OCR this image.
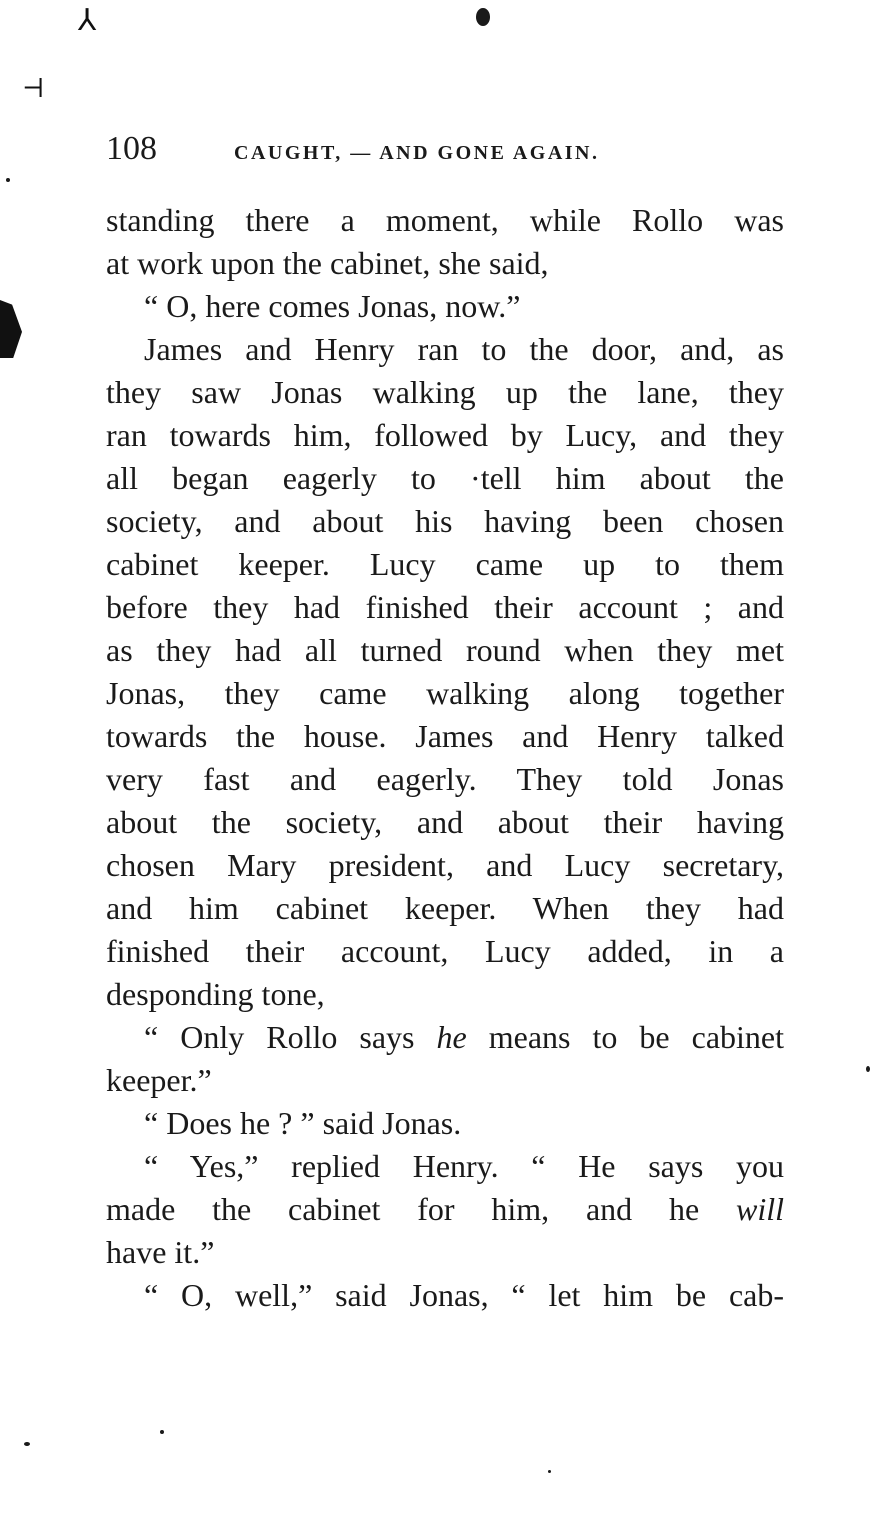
⅄
⊣
108	CAUGHT, — AND GONE AGAIN.
standing there a moment, while Rollo was
at work upon the cabinet, she said,
“ O, here comes Jonas, now.”
James and Henry ran to the door, and, as
they saw Jonas walking up the lane, they
ran towards him, followed by Lucy, and they
all began eagerly to ·tell him about the
society, and about his having been chosen
cabinet keeper. Lucy came up to them
before they had finished their account ; and
as they had all turned round when they met
Jonas, they came walking along together
towards the house. James and Henry talked
very fast and eagerly. They told Jonas
about the society, and about their having
chosen Mary president, and Lucy secretary,
and him cabinet keeper. When they had
finished their account, Lucy added, in a
desponding tone,
“ Only Rollo says he means to be cabinet
keeper.”
“ Does he ? ” said Jonas.
“ Yes,” replied Henry. “ He says you
made the cabinet for him, and he will
have it.”
“ O, well,” said Jonas, “ let him be cab-
